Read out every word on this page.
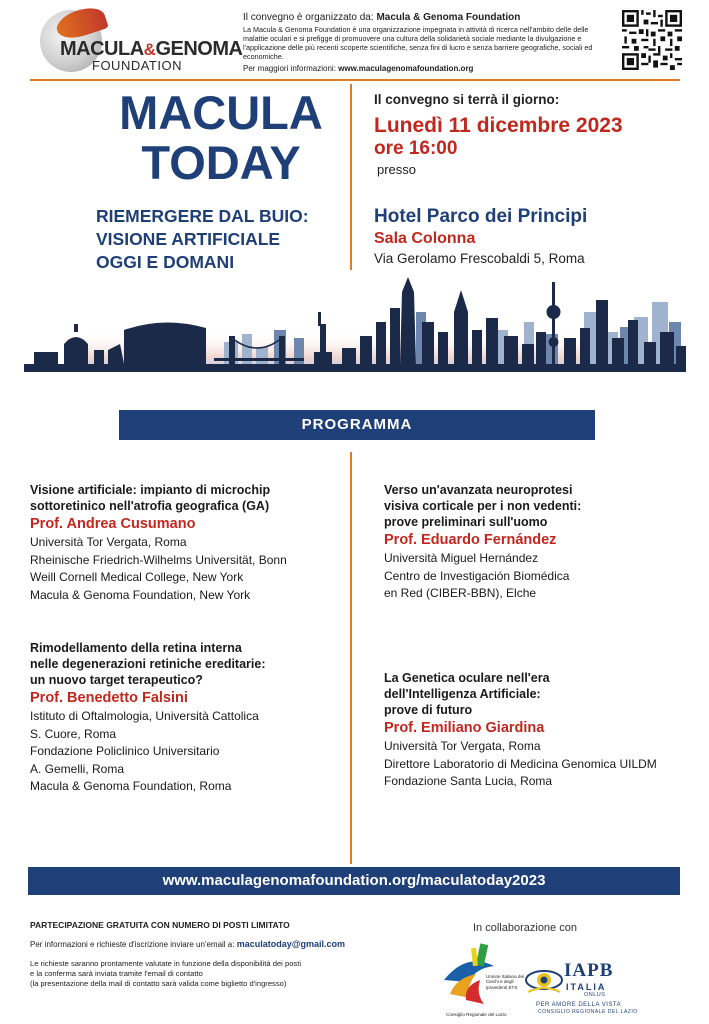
MACULA&GENOMA
FOUNDATION
Il convegno è organizzato da: Macula & Genoma Foundation
La Macula & Genoma Foundation è una organizzazione impegnata in attività di ricerca nell'ambito delle delle malattie oculari e si prefigge di promuovere una cultura della solidarietà sociale mediante la divulgazione e l'applicazione delle più recenti scoperte scientifiche, senza fini di lucro e senza barriere geografiche, sociali ed economiche.
Per maggiori informazioni: www.maculagenomafoundation.org
MACULA
TODAY
RIEMERGERE DAL BUIO:
VISIONE ARTIFICIALE
OGGI E DOMANI
Il convegno si terrà il giorno:
Lunedì 11 dicembre 2023
ore 16:00
presso
Hotel Parco dei Principi
Sala Colonna
Via Gerolamo Frescobaldi 5, Roma
PROGRAMMA
Visione artificiale: impianto di microchip
sottoretinico nell'atrofia geografica (GA)
Prof. Andrea Cusumano
Università Tor Vergata, Roma
Rheinische Friedrich-Wilhelms Universität, Bonn
Weill Cornell Medical College, New York
Macula & Genoma Foundation, New York
Verso un'avanzata neuroprotesi
visiva corticale per i non vedenti:
prove preliminari sull'uomo
Prof. Eduardo Fernández
Università Miguel Hernández
Centro de Investigación Biomédica
en Red (CIBER-BBN), Elche
Rimodellamento della retina interna
nelle degenerazioni retiniche ereditarie:
un nuovo target terapeutico?
Prof. Benedetto Falsini
Istituto di Oftalmologia, Università Cattolica
S. Cuore, Roma
Fondazione Policlinico Universitario
A. Gemelli, Roma
Macula & Genoma Foundation, Roma
La Genetica oculare nell'era
dell'Intelligenza Artificiale:
prove di futuro
Prof. Emiliano Giardina
Università Tor Vergata, Roma
Direttore Laboratorio di Medicina Genomica UILDM
Fondazione Santa Lucia, Roma
www.maculagenomafoundation.org/maculatoday2023
PARTECIPAZIONE GRATUITA CON NUMERO DI POSTI LIMITATO
Per informazioni e richieste d'iscrizione inviare un'email a: maculatoday@gmail.com
Le richieste saranno prontamente valutate in funzione della disponibilità dei posti
e la conferma sarà inviata tramite l'email di contatto
(la presentazione della mail di contatto sarà valida come biglietto d'ingresso)
In collaborazione con
Unione Italiana dei Ciechi e degli Ipovedenti ETS
Consiglio Regionale del Lazio
IAPB
ITALIA
ONLUS
PER AMORE DELLA VISTA
CONSIGLIO REGIONALE DEL LAZIO
